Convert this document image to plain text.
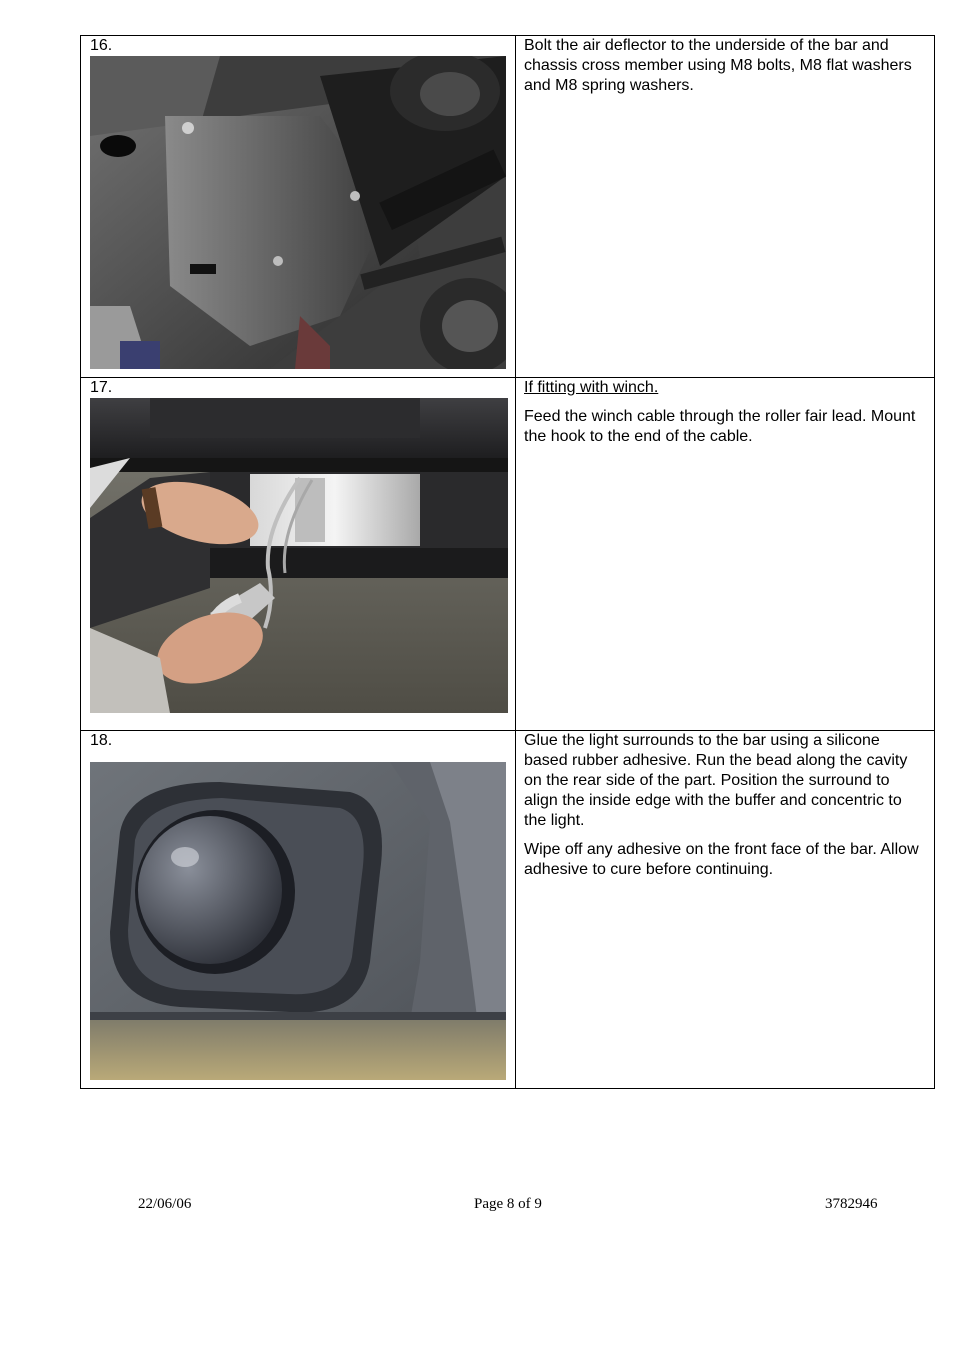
16.	Bolt the air deflector to the underside of the bar and chassis cross member using M8 bolts, M8 flat washers and M8 spring washers.

17.	If fitting with winch.

Feed the winch cable through the roller fair lead. Mount the hook to the end of the cable.

18.	Glue the light surrounds to the bar using a silicone based rubber adhesive. Run the bead along the cavity on the rear side of the part. Position the surround to align the inside edge with the buffer and concentric to the light.

Wipe off any adhesive on the front face of the bar. Allow adhesive to cure before continuing.

22/06/06	Page 8 of 9	3782946
